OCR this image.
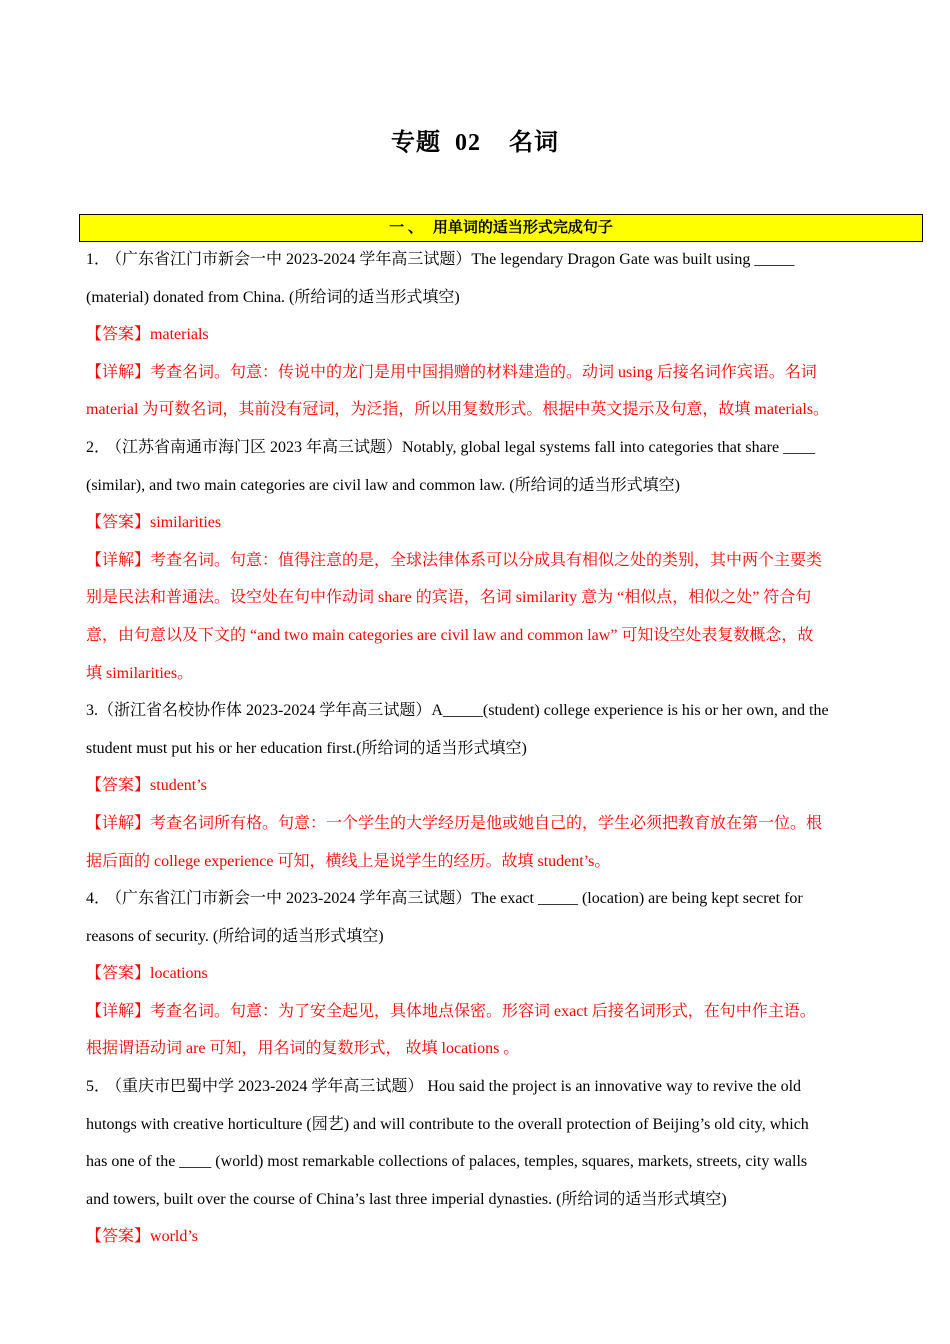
专题 02 名词
一 、 用单词的适当形式完成句子

1． （广东省江门市新会一中 2023-2024 学年高三试题）The legendary Dragon Gate was built using _____

(material) donated from China. (所给词的适当形式填空)

【答案】materials

【详解】考查名词。句意：传说中的龙门是用中国捐赠的材料建造的。动词 using 后接名词作宾语。名词

material 为可数名词，其前没有冠词，为泛指，所以用复数形式。根据中英文提示及句意，故填 materials。

2． （江苏省南通市海门区 2023 年高三试题）Notably, global legal systems fall into categories that share ____

(similar), and two main categories are civil law and common law. (所给词的适当形式填空)

【答案】similarities

【详解】考查名词。句意：值得注意的是，全球法律体系可以分成具有相似之处的类别，其中两个主要类

别是民法和普通法。设空处在句中作动词 share 的宾语，名词 similarity 意为 “相似点，相似之处” 符合句

意，由句意以及下文的 “and two main categories are civil law and common law” 可知设空处表复数概念，故

填 similarities。

3.（浙江省名校协作体 2023-2024 学年高三试题）A_____(student) college experience is his or her own, and the

student must put his or her education first.(所给词的适当形式填空)

【答案】student’s

【详解】考查名词所有格。句意：一个学生的大学经历是他或她自己的，学生必须把教育放在第一位。根

据后面的 college experience 可知，横线上是说学生的经历。故填 student’s。

4． （广东省江门市新会一中 2023-2024 学年高三试题）The exact _____ (location) are being kept secret for

reasons of security. (所给词的适当形式填空)

【答案】locations

【详解】考查名词。句意：为了安全起见，具体地点保密。形容词 exact 后接名词形式，在句中作主语。

根据谓语动词 are 可知，用名词的复数形式， 故填 locations 。

5． （重庆市巴蜀中学 2023-2024 学年高三试题） Hou said the project is an innovative way to revive the old

hutongs with creative horticulture (园艺) and will contribute to the overall protection of Beijing’s old city, which

has one of the ____ (world) most remarkable collections of palaces, temples, squares, markets, streets, city walls

and towers, built over the course of China’s last three imperial dynasties. (所给词的适当形式填空)

【答案】world’s
